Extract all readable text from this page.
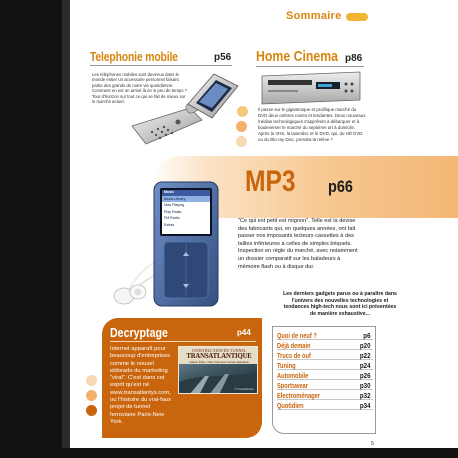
Sommaire
Telephonie mobile	p56
Les téléphones mobiles sont devenus dans le monde entier un accessoire personnel faisant partie des grands de notre vie quotidienne. Comment en est on arrivé là en si peu de temps ? Tour d'horizon sur tout ce qui se fait de mieux sur le marché actuel.
Home Cinema p86
Il passe sur le gigantesque et prolifique marché du DVD deux ombres noires et tendantes. Deux nouveaux médias technologiques s'apprêtent à débarquer et à bouleverser le marché du septième art à domicile. Après la VHS, la laserdisc et le DVD, qui, du HD DVD ou du Blu-ray Disc, prendra la relève ?
MP3 p66
"Ce qui est petit est mignon". Telle est la devise des fabricants qui, en quelques années, ont fait passer nos imposants lecteurs cassettes à des tailles inférieures à celles de simples briquets. Inspection en règle du marché, avec notamment un dossier comparatif sur les baladeurs à mémoire flash ou à disque dur.
Music
Music Library
Now Playing
Play Radio
FM Radio
Extras
Decryptage	p44
Internet apparaît pour beaucoup d'entreprises comme le nouvel eldorado du marketing "viral". C'est dans cet esprit qu'est né www.transatlantys.com, ou l'histoire du vrai-faux projet de tunnel ferroviaire Paris-New York.
CONSTRUCTION DU TUNNEL
TRANSATLANTIQUE
Liaison Paris - New York sous l'océan Atlantique
© TransAtlantys
Les derniers gadgets parus ou à paraître dans l'univers des nouvelles technologies et tendances high-tech nous sont ici présentées de manière exhaustive...
Quoi de neuf ?	p6
Déjà demain	p20
Trucs de ouf	p22
Tuning	p24
Automobile	p26
Sportswear	p30
Electroménager	p32
Quotidien	p34
5
